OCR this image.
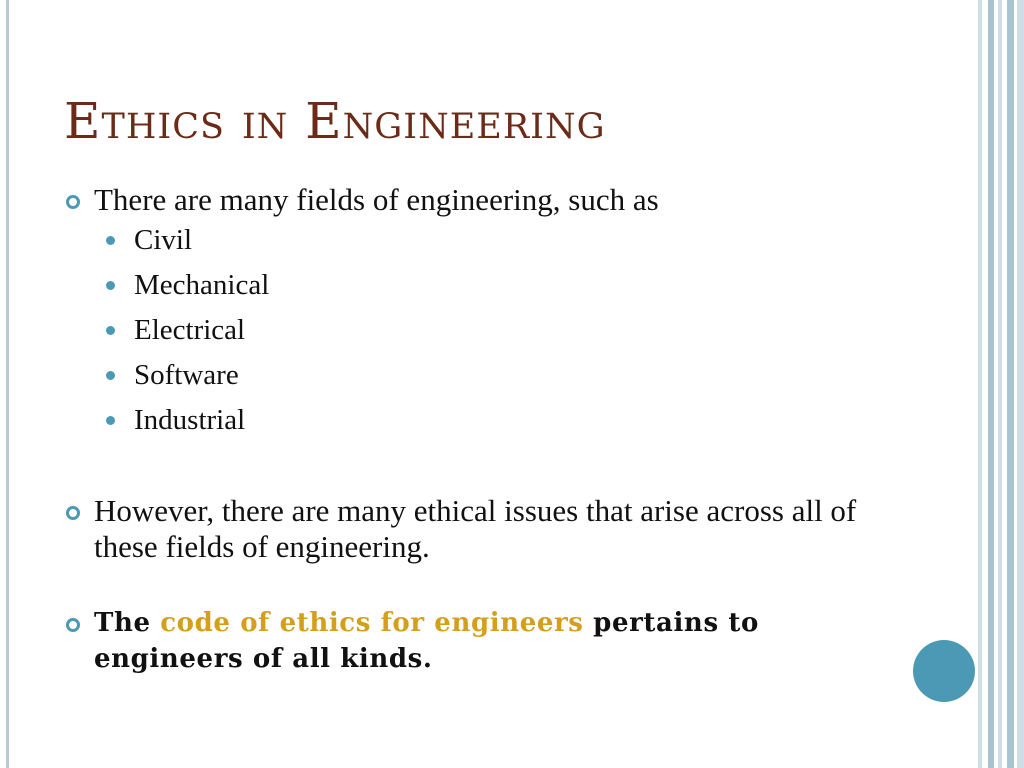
Ethics in Engineering
There are many fields of engineering, such as
Civil
Mechanical
Electrical
Software
Industrial
However, there are many ethical issues that arise across all of these fields of engineering.
The code of ethics for engineers pertains to engineers of all kinds.
